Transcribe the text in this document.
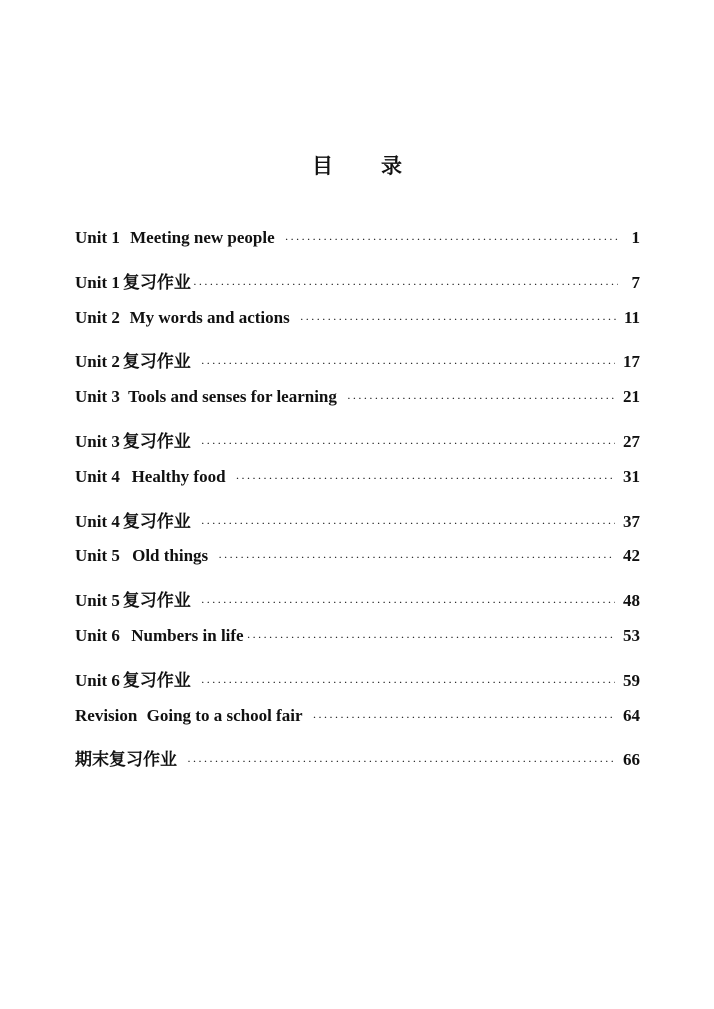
目 录
Unit 1 Meeting new people ·····	1
Unit 1 复习作业 ·····	7
Unit 2 My words and actions ·····	11
Unit 2 复习作业 ·····	17
Unit 3 Tools and senses for learning ·····	21
Unit 3 复习作业 ·····	27
Unit 4 Healthy food ·····	31
Unit 4 复习作业 ·····	37
Unit 5 Old things ·····	42
Unit 5 复习作业 ·····	48
Unit 6 Numbers in life ·····	53
Unit 6 复习作业 ·····	59
Revision Going to a school fair ·····	64
期末复习作业 ·····	66
